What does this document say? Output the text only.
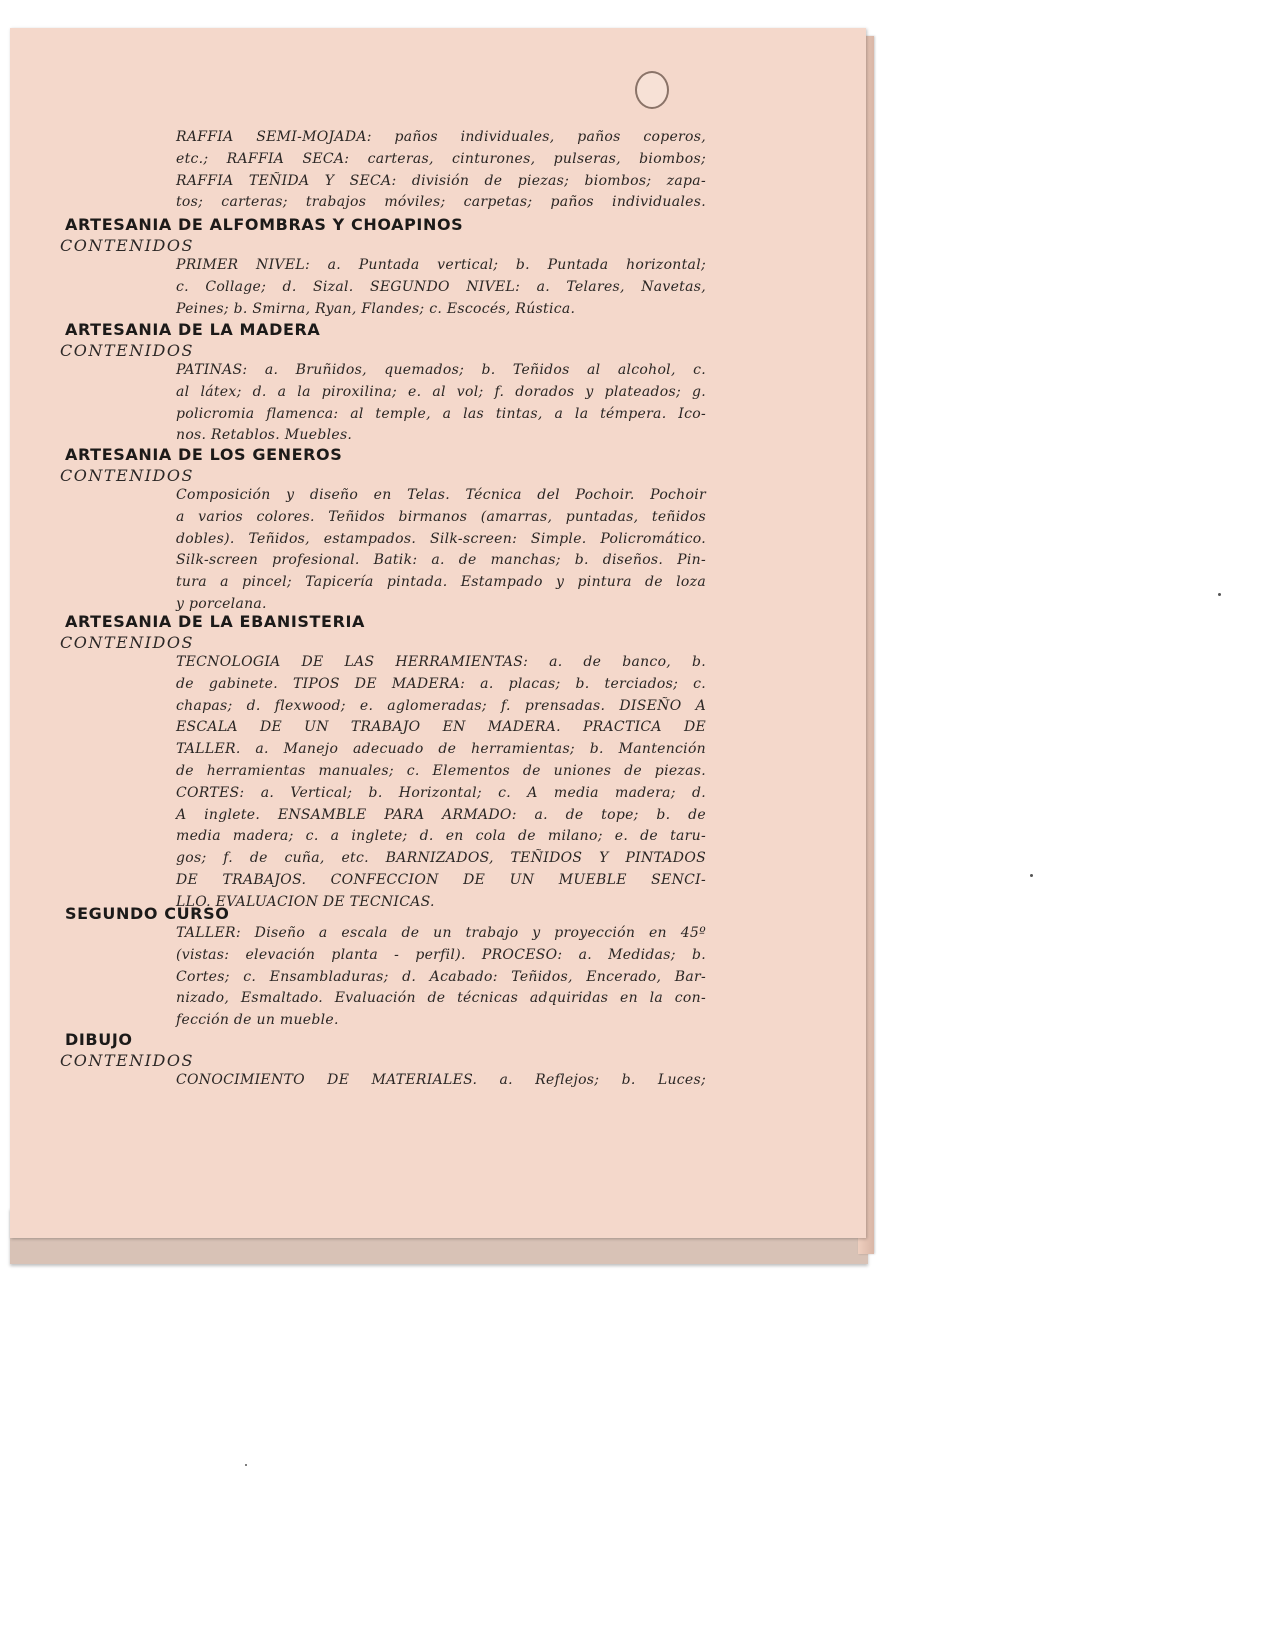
RAFFIA SEMI-MOJADA: paños individuales, paños coperos,
etc.; RAFFIA SECA: carteras, cinturones, pulseras, biombos;
RAFFIA TEÑIDA Y SECA: división de piezas; biombos; zapa-
tos; carteras; trabajos móviles; carpetas; paños individuales.
ARTESANIA DE ALFOMBRAS Y CHOAPINOS
CONTENIDOS
PRIMER NIVEL: a. Puntada vertical; b. Puntada horizontal;
c. Collage; d. Sizal. SEGUNDO NIVEL: a. Telares, Navetas,
Peines; b. Smirna, Ryan, Flandes; c. Escocés, Rústica.
ARTESANIA DE LA MADERA
CONTENIDOS
PATINAS: a. Bruñidos, quemados; b. Teñidos al alcohol, c.
al látex; d. a la piroxilina; e. al vol; f. dorados y plateados; g.
policromia flamenca: al temple, a las tintas, a la témpera. Ico-
nos. Retablos. Muebles.
ARTESANIA DE LOS GENEROS
CONTENIDOS
Composición y diseño en Telas. Técnica del Pochoir. Pochoir
a varios colores. Teñidos birmanos (amarras, puntadas, teñidos
dobles). Teñidos, estampados. Silk-screen: Simple. Policromático.
Silk-screen profesional. Batik: a. de manchas; b. diseños. Pin-
tura a pincel; Tapicería pintada. Estampado y pintura de loza
y porcelana.
ARTESANIA DE LA EBANISTERIA
CONTENIDOS
TECNOLOGIA DE LAS HERRAMIENTAS: a. de banco, b.
de gabinete. TIPOS DE MADERA: a. placas; b. terciados; c.
chapas; d. flexwood; e. aglomeradas; f. prensadas. DISEÑO A
ESCALA DE UN TRABAJO EN MADERA. PRACTICA DE
TALLER. a. Manejo adecuado de herramientas; b. Mantención
de herramientas manuales; c. Elementos de uniones de piezas.
CORTES: a. Vertical; b. Horizontal; c. A media madera; d.
A inglete. ENSAMBLE PARA ARMADO: a. de tope; b. de
media madera; c. a inglete; d. en cola de milano; e. de taru-
gos; f. de cuña, etc. BARNIZADOS, TEÑIDOS Y PINTADOS
DE TRABAJOS. CONFECCION DE UN MUEBLE SENCI-
LLO. EVALUACION DE TECNICAS.
SEGUNDO CURSO
TALLER: Diseño a escala de un trabajo y proyección en 45º
(vistas: elevación planta - perfil). PROCESO: a. Medidas; b.
Cortes; c. Ensambladuras; d. Acabado: Teñidos, Encerado, Bar-
nizado, Esmaltado. Evaluación de técnicas adquiridas en la con-
fección de un mueble.
DIBUJO
CONTENIDOS
CONOCIMIENTO DE MATERIALES. a. Reflejos; b. Luces;
